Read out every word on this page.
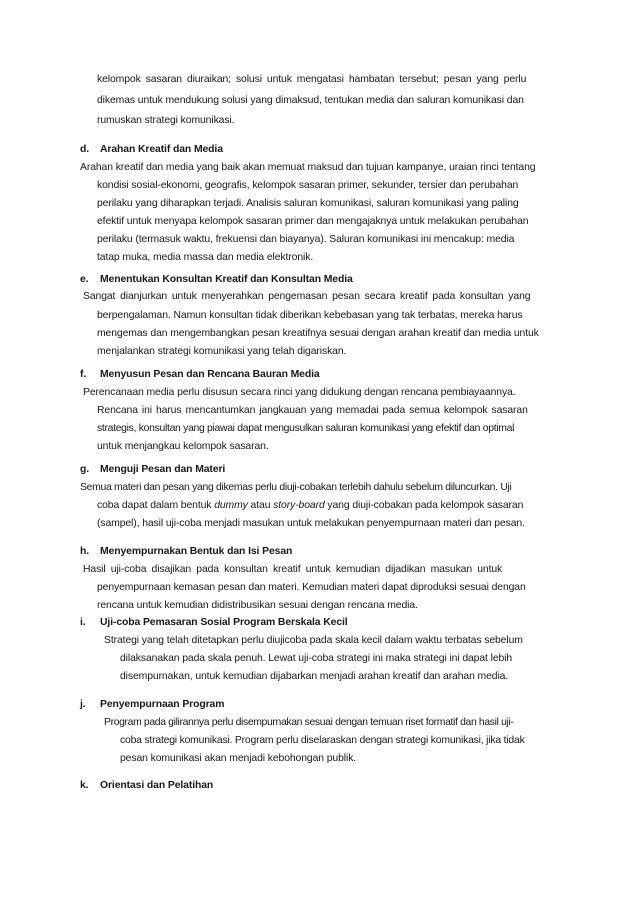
kelompok sasaran diuraikan; solusi untuk mengatasi hambatan tersebut; pesan yang perlu
dikemas untuk mendukung solusi yang dimaksud, tentukan media dan saluran komunikasi dan
rumuskan strategi komunikasi.
d. Arahan Kreatif dan Media
Arahan kreatif dan media yang baik akan memuat maksud dan tujuan kampanye, uraian rinci tentang
kondisi sosial-ekonomi, geografis, kelompok sasaran primer, sekunder, tersier dan perubahan
perilaku yang diharapkan terjadi. Analisis saluran komunikasi, saluran komunikasi yang paling
efektif untuk menyapa kelompok sasaran primer dan mengajaknya untuk melakukan perubahan
perilaku (termasuk waktu, frekuensi dan biayanya). Saluran komunikasi ini mencakup: media
tatap muka, media massa dan media elektronik.
e. Menentukan Konsultan Kreatif dan Konsultan Media
Sangat dianjurkan untuk menyerahkan pengemasan pesan secara kreatif pada konsultan yang
berpengalaman. Namun konsultan tidak diberikan kebebasan yang tak terbatas, mereka harus
mengemas dan mengembangkan pesan kreatifnya sesuai dengan arahan kreatif dan media untuk
menjalankan strategi komunikasi yang telah digariskan.
f. Menyusun Pesan dan Rencana Bauran Media
Perencanaan media perlu disusun secara rinci yang didukung dengan rencana pembiayaannya.
Rencana ini harus mencantumkan jangkauan yang memadai pada semua kelompok sasaran
strategis, konsultan yang piawai dapat mengusulkan saluran komunikasi yang efektif dan optimal
untuk menjangkau kelompok sasaran.
g. Menguji Pesan dan Materi
Semua materi dan pesan yang dikemas perlu diuji-cobakan terlebih dahulu sebelum diluncurkan. Uji
coba dapat dalam bentuk dummy atau story-board yang diuji-cobakan pada kelompok sasaran
(sampel), hasil uji-coba menjadi masukan untuk melakukan penyempurnaan materi dan pesan.
h. Menyempurnakan Bentuk dan Isi Pesan
Hasil uji-coba disajikan pada konsultan kreatif untuk kemudian dijadikan masukan untuk
penyempurnaan kemasan pesan dan materi. Kemudian materi dapat diproduksi sesuai dengan
rencana untuk kemudian didistribusikan sesuai dengan rencana media.
i. Uji-coba Pemasaran Sosial Program Berskala Kecil
Strategi yang telah ditetapkan perlu diujicoba pada skala kecil dalam waktu terbatas sebelum
dilaksanakan pada skala penuh. Lewat uji-coba strategi ini maka strategi ini dapat lebih
disempurnakan, untuk kemudian dijabarkan menjadi arahan kreatif dan arahan media.
j. Penyempurnaan Program
Program pada gilirannya perlu disempurnakan sesuai dengan temuan riset formatif dan hasil uji-
coba strategi komunikasi. Program perlu diselaraskan dengan strategi komunikasi, jika tidak
pesan komunikasi akan menjadi kebohongan publik.
k. Orientasi dan Pelatihan
